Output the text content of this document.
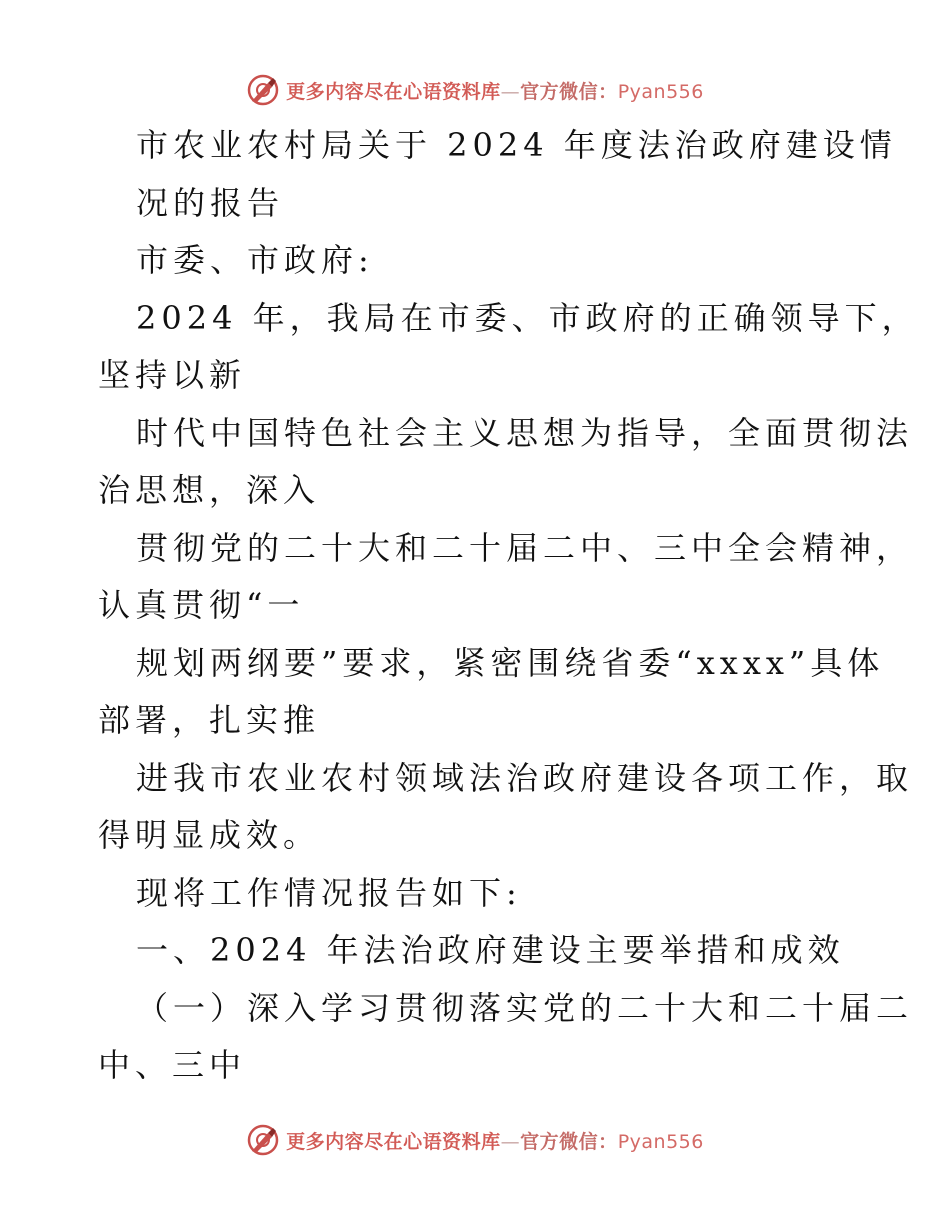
更多内容尽在心语资料库—官方微信：Pyan556
市农业农村局关于 2024 年度法治政府建设情
况的报告
市委、市政府:
2024 年，我局在市委、市政府的正确领导下，
坚持以新
时代中国特色社会主义思想为指导，全面贯彻法
治思想，深入
贯彻党的二十大和二十届二中、三中全会精神，
认真贯彻“一
规划两纲要”要求，紧密围绕省委“xxxx”具体
部署，扎实推
进我市农业农村领域法治政府建设各项工作，取
得明显成效。
现将工作情况报告如下:
一、2024 年法治政府建设主要举措和成效
（一）深入学习贯彻落实党的二十大和二十届二
中、三中
更多内容尽在心语资料库—官方微信：Pyan556
